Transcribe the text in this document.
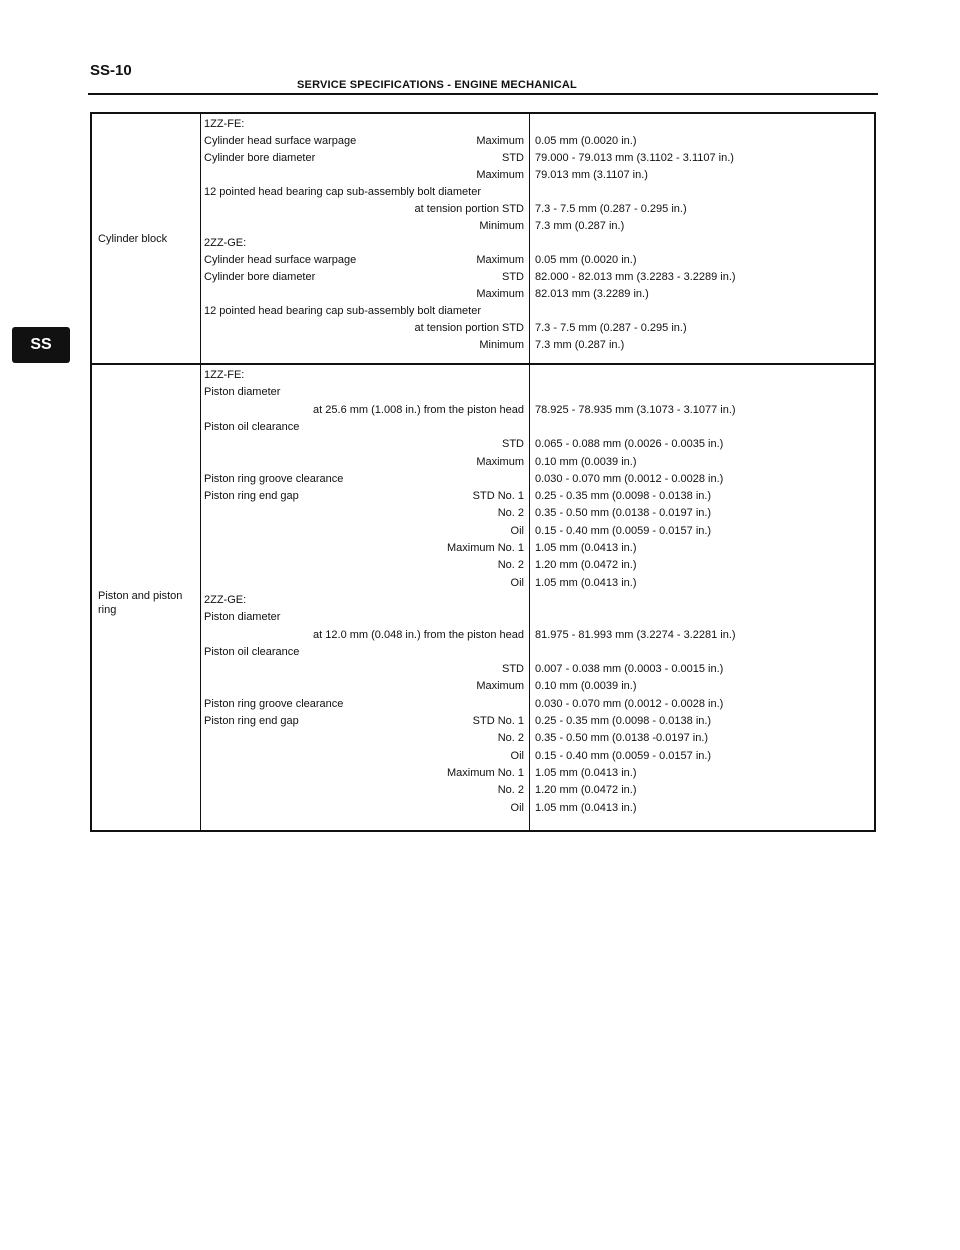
SS-10
SERVICE SPECIFICATIONS - ENGINE MECHANICAL
SS
Cylinder block
1ZZ-FE:
Cylinder head surface warpage	Maximum 0.05 mm (0.0020 in.)
Cylinder bore diameter	STD 79.000 - 79.013 mm (3.1102 - 3.1107 in.)
Maximum 79.013 mm (3.1107 in.)
12 pointed head bearing cap sub-assembly bolt diameter
at tension portion STD 7.3 - 7.5 mm (0.287 - 0.295 in.)
Minimum 7.3 mm (0.287 in.)
2ZZ-GE:
Cylinder head surface warpage	Maximum 0.05 mm (0.0020 in.)
Cylinder bore diameter	STD 82.000 - 82.013 mm (3.2283 - 3.2289 in.)
Maximum 82.013 mm (3.2289 in.)
12 pointed head bearing cap sub-assembly bolt diameter
at tension portion STD 7.3 - 7.5 mm (0.287 - 0.295 in.)
Minimum 7.3 mm (0.287 in.)
Piston and piston ring
1ZZ-FE:
Piston diameter
at 25.6 mm (1.008 in.) from the piston head 78.925 - 78.935 mm (3.1073 - 3.1077 in.)
Piston oil clearance
STD 0.065 - 0.088 mm (0.0026 - 0.0035 in.)
Maximum 0.10 mm (0.0039 in.)
Piston ring groove clearance	0.030 - 0.070 mm (0.0012 - 0.0028 in.)
Piston ring end gap	STD No. 1 0.25 - 0.35 mm (0.0098 - 0.0138 in.)
No. 2 0.35 - 0.50 mm (0.0138 - 0.0197 in.)
Oil 0.15 - 0.40 mm (0.0059 - 0.0157 in.)
Maximum No. 1 1.05 mm (0.0413 in.)
No. 2 1.20 mm (0.0472 in.)
Oil 1.05 mm (0.0413 in.)
2ZZ-GE:
Piston diameter
at 12.0 mm (0.048 in.) from the piston head 81.975 - 81.993 mm (3.2274 - 3.2281 in.)
Piston oil clearance
STD 0.007 - 0.038 mm (0.0003 - 0.0015 in.)
Maximum 0.10 mm (0.0039 in.)
Piston ring groove clearance	0.030 - 0.070 mm (0.0012 - 0.0028 in.)
Piston ring end gap	STD No. 1 0.25 - 0.35 mm (0.0098 - 0.0138 in.)
No. 2 0.35 - 0.50 mm (0.0138 -0.0197 in.)
Oil 0.15 - 0.40 mm (0.0059 - 0.0157 in.)
Maximum No. 1 1.05 mm (0.0413 in.)
No. 2 1.20 mm (0.0472 in.)
Oil 1.05 mm (0.0413 in.)
